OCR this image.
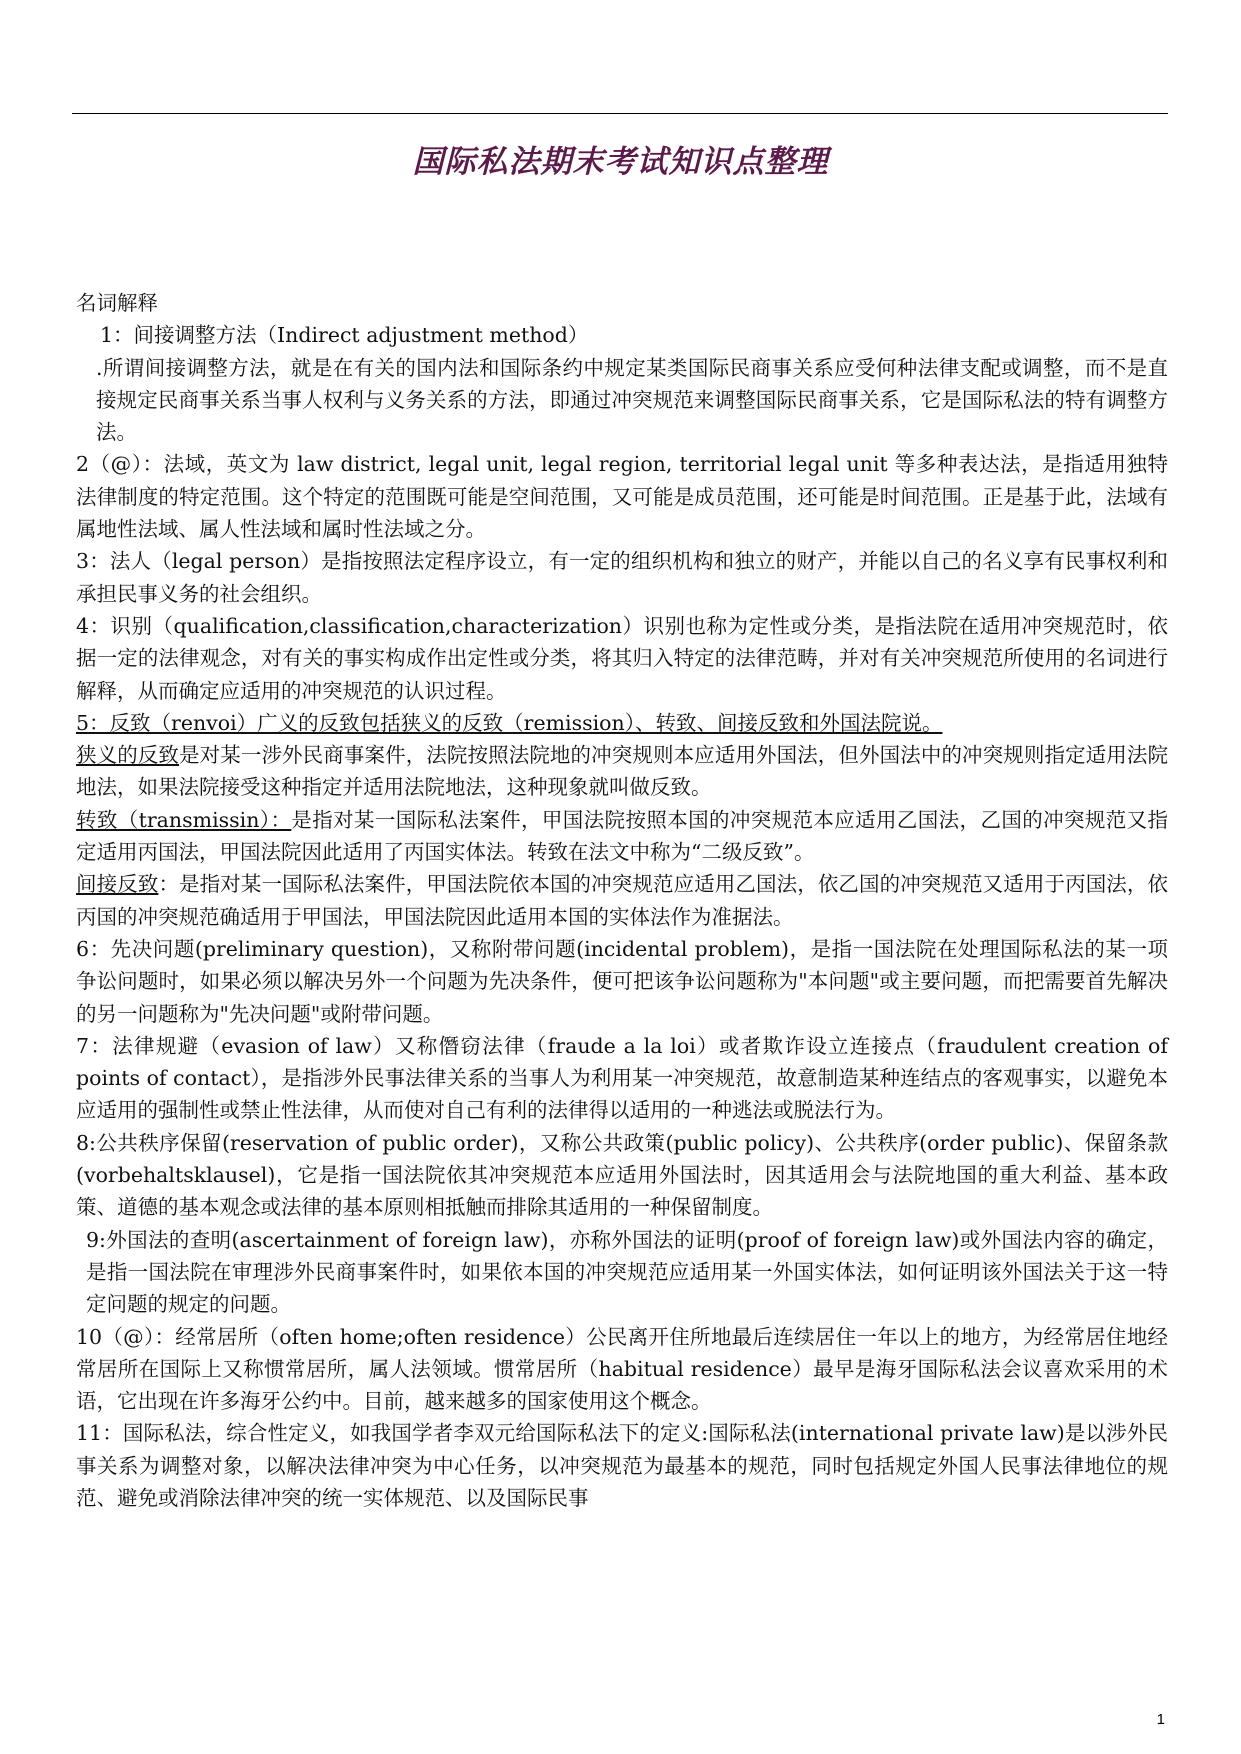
国际私法期末考试知识点整理

名词解释

1：间接调整方法（Indirect adjustment method）

.所谓间接调整方法，就是在有关的国内法和国际条约中规定某类国际民商事关系应受何种法律支配或调整，而不是直接规定民商事关系当事人权利与义务关系的方法，即通过冲突规范来调整国际民商事关系，它是国际私法的特有调整方法。

2（@）：法域，英文为 law district, legal unit, legal region, territorial legal unit 等多种表达法，是指适用独特法律制度的特定范围。这个特定的范围既可能是空间范围，又可能是成员范围，还可能是时间范围。正是基于此，法域有属地性法域、属人性法域和属时性法域之分。

3：法人（legal person）是指按照法定程序设立，有一定的组织机构和独立的财产，并能以自己的名义享有民事权利和承担民事义务的社会组织。

4：识别（qualification,classification,characterization）识别也称为定性或分类，是指法院在适用冲突规范时，依据一定的法律观念，对有关的事实构成作出定性或分类，将其归入特定的法律范畴，并对有关冲突规范所使用的名词进行解释，从而确定应适用的冲突规范的认识过程。

5：反致（renvoi）广义的反致包括狭义的反致（remission）、转致、间接反致和外国法院说。

狭义的反致是对某一涉外民商事案件，法院按照法院地的冲突规则本应适用外国法，但外国法中的冲突规则指定适用法院地法，如果法院接受这种指定并适用法院地法，这种现象就叫做反致。

转致（transmissin）：是指对某一国际私法案件，甲国法院按照本国的冲突规范本应适用乙国法，乙国的冲突规范又指定适用丙国法，甲国法院因此适用了丙国实体法。转致在法文中称为“二级反致”。

间接反致：是指对某一国际私法案件，甲国法院依本国的冲突规范应适用乙国法，依乙国的冲突规范又适用于丙国法，依丙国的冲突规范确适用于甲国法，甲国法院因此适用本国的实体法作为准据法。

6：先决问题(preliminary question)，又称附带问题(incidental problem)，是指一国法院在处理国际私法的某一项争讼问题时，如果必须以解决另外一个问题为先决条件，便可把该争讼问题称为"本问题"或主要问题，而把需要首先解决的另一问题称为"先决问题"或附带问题。

7：法律规避（evasion of law）又称僭窃法律（fraude a la loi）或者欺诈设立连接点（fraudulent creation of points of contact），是指涉外民事法律关系的当事人为利用某一冲突规范，故意制造某种连结点的客观事实，以避免本应适用的强制性或禁止性法律，从而使对自己有利的法律得以适用的一种逃法或脱法行为。

8:公共秩序保留(reservation of public order)，又称公共政策(public policy)、公共秩序(order public)、保留条款(vorbehaltsklausel)，它是指一国法院依其冲突规范本应适用外国法时，因其适用会与法院地国的重大利益、基本政策、道德的基本观念或法律的基本原则相抵触而排除其适用的一种保留制度。

9:外国法的查明(ascertainment of foreign law)，亦称外国法的证明(proof of foreign law)或外国法内容的确定，是指一国法院在审理涉外民商事案件时，如果依本国的冲突规范应适用某一外国实体法，如何证明该外国法关于这一特定问题的规定的问题。

10（@）：经常居所（often home;often residence）公民离开住所地最后连续居住一年以上的地方，为经常居住地经常居所在国际上又称惯常居所，属人法领域。惯常居所（habitual residence）最早是海牙国际私法会议喜欢采用的术语，它出现在许多海牙公约中。目前，越来越多的国家使用这个概念。

11：国际私法，综合性定义，如我国学者李双元给国际私法下的定义:国际私法(international private law)是以涉外民事关系为调整对象，以解决法律冲突为中心任务，以冲突规范为最基本的规范，同时包括规定外国人民事法律地位的规范、避免或消除法律冲突的统一实体规范、以及国际民事

1
